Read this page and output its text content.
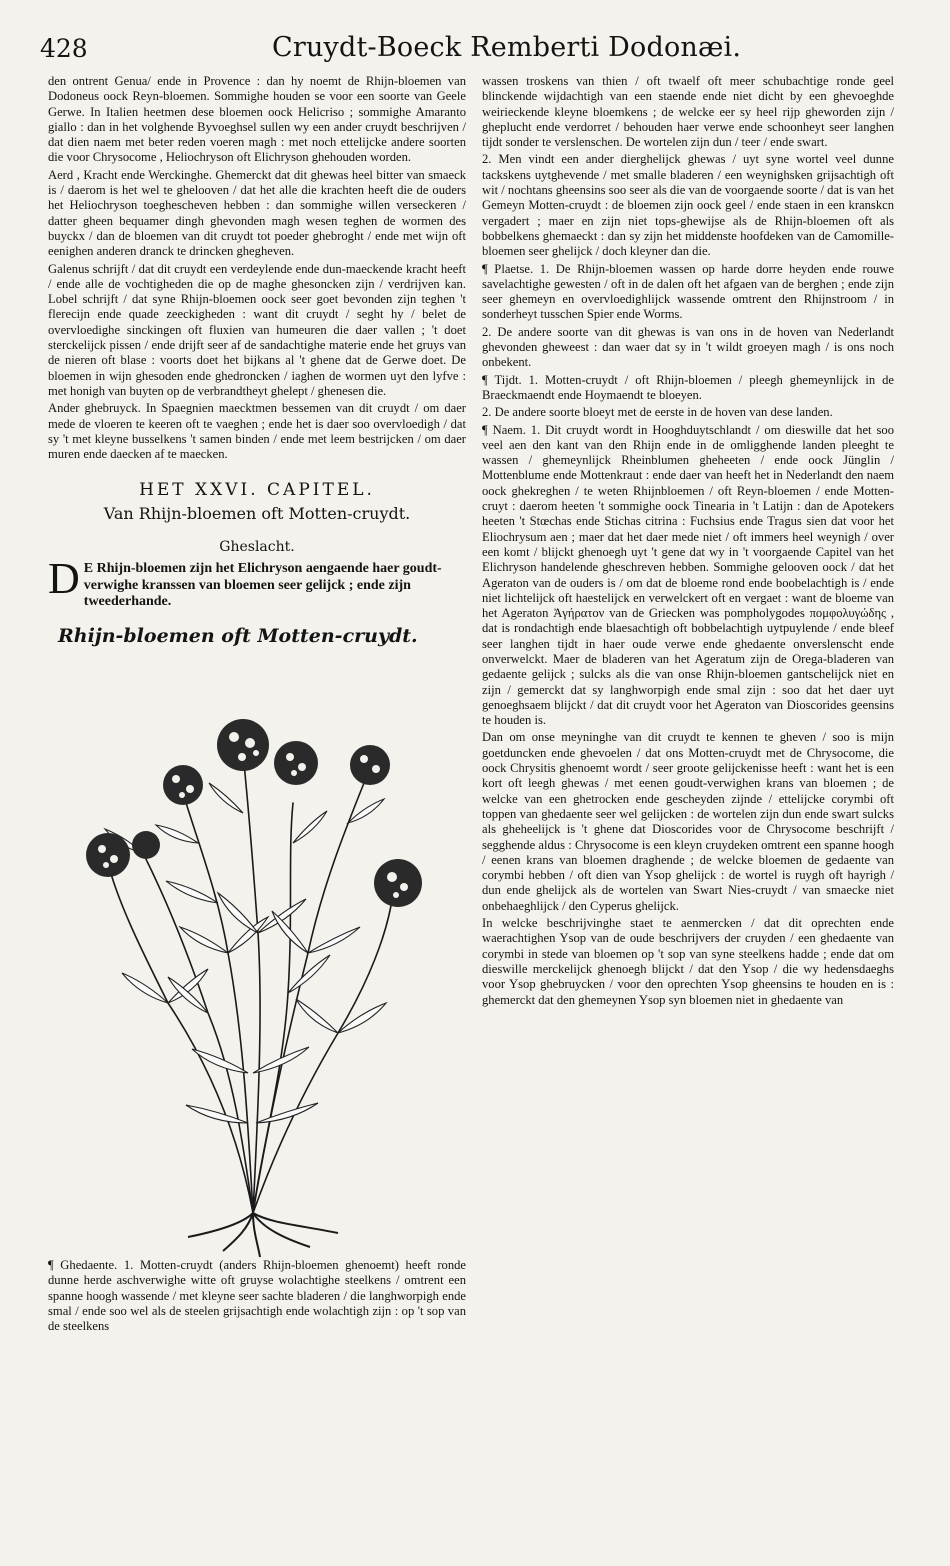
428	Cruydt-Boeck Remberti Dodonæi.

den ontrent Genua/ ende in Provence : dan hy noemt de Rhijn-bloemen van Dodoneus oock Reyn-bloemen. Sommighe houden se voor een soorte van Geele Gerwe. In Italien heetmen dese bloemen oock Helicriso ; sommighe Amaranto giallo : dan in het volghende Byvoeghsel sullen wy een ander cruydt beschrijven / dat dien naem met beter reden voeren magh : met noch ettelijcke andere soorten die voor Chrysocome , Heliochryson oft Elichryson ghehouden worden.

Aerd , Kracht ende Werckinghe. Ghemerckt dat dit ghewas heel bitter van smaeck is / daerom is het wel te ghelooven / dat het alle die krachten heeft die de ouders het Heliochryson toeghescheven hebben : dan sommighe willen verseckeren / datter gheen bequamer dingh ghevonden magh wesen teghen de wormen des buyckx / dan de bloemen van dit cruydt tot poeder ghebroght / ende met wijn oft eenighen anderen dranck te drincken ghegheven.

Galenus schrijft / dat dit cruydt een verdeylende ende dun-maeckende kracht heeft / ende alle de vochtigheden die op de maghe ghesoncken zijn / verdrijven kan. Lobel schrijft / dat syne Rhijn-bloemen oock seer goet bevonden zijn teghen 't flerecijn ende quade zeeckigheden : want dit cruydt / seght hy / belet de overvloedighe sinckingen oft fluxien van humeuren die daer vallen ; 't doet sterckelijck pissen / ende drijft seer af de sandachtighe materie ende het gruys van de nieren oft blase : voorts doet het bijkans al 't ghene dat de Gerwe doet. De bloemen in wijn ghesoden ende ghedroncken / iaghen de wormen uyt den lyfve : met honigh van buyten op de verbrandtheyt ghelept / ghenesen die.

Ander ghebruyck. In Spaegnien maecktmen bessemen van dit cruydt / om daer mede de vloeren te keeren oft te vaeghen ; ende het is daer soo overvloedigh / dat sy 't met kleyne busselkens 't samen binden / ende met leem bestrijcken / om daer muren ende daecken af te maecken.

HET XXVI. CAPITEL.
Van Rhijn-bloemen oft Motten-cruydt.
Gheslacht.

D E Rhijn-bloemen zijn het Elichryson aengaende haer goudt-verwighe kranssen van bloemen seer gelijck ; ende zijn tweederhande.

Rhijn-bloemen oft Motten-cruydt.

¶ Ghedaente. 1. Motten-cruydt (anders Rhijn-bloemen ghenoemt) heeft ronde dunne herde aschverwighe witte oft gruyse wolachtighe steelkens / omtrent een spanne hoogh wassende / met kleyne seer sachte bladeren / die langhworpigh ende smal / ende soo wel als de steelen grijsachtigh ende wolachtigh zijn : op 't sop van de steelkens

wassen troskens van thien / oft twaelf oft meer schubachtige ronde geel blinckende wijdachtigh van een staende ende niet dicht by een ghevoeghde weirieckende kleyne bloemkens ; de welcke eer sy heel rijp gheworden zijn / gheplucht ende verdorret / behouden haer verwe ende schoonheyt seer langhen tijdt sonder te verslenschen. De wortelen zijn dun / teer / ende swart.

2. Men vindt een ander dierghelijck ghewas / uyt syne wortel veel dunne tackskens uytghevende / met smalle bladeren / een weynighsken grijsachtigh oft wit / nochtans gheensins soo seer als die van de voorgaende soorte / dat is van het Gemeyn Motten-cruydt : de bloemen zijn oock geel / ende staen in een kranskcn vergadert ; maer en zijn niet tops-ghewijse als de Rhijn-bloemen oft als bobbelkens ghemaeckt : dan sy zijn het middenste hoofdeken van de Camomille-bloemen seer ghelijck / doch kleyner dan die.

¶ Plaetse. 1. De Rhijn-bloemen wassen op harde dorre heyden ende rouwe savelachtighe gewesten / oft in de dalen oft het afgaen van de berghen ; ende zijn seer ghemeyn en overvloedighlijck wassende omtrent den Rhijnstroom / in sonderheyt tusschen Spier ende Worms.

2. De andere soorte van dit ghewas is van ons in de hoven van Nederlandt ghevonden gheweest : dan waer dat sy in 't wildt groeyen magh / is ons noch onbekent.

¶ Tijdt. 1. Motten-cruydt / oft Rhijn-bloemen / pleegh ghemeynlijck in de Braeckmaendt ende Hoymaendt te bloeyen.

2. De andere soorte bloeyt met de eerste in de hoven van dese landen.

¶ Naem. 1. Dit cruydt wordt in Hooghduytschlandt / om dieswille dat het soo veel aen den kant van den Rhijn ende in de omligghende landen pleeght te wassen / ghemeynlijck Rheinblumen gheheeten / ende oock Jünglin / Mottenblume ende Mottenkraut : ende daer van heeft het in Nederlandt den naem oock ghekreghen / te weten Rhijnbloemen / oft Reyn-bloemen / ende Motten-cruyt : daerom heeten 't sommighe oock Tinearia in 't Latijn : dan de Apotekers heeten 't Stœchas ende Stichas citrina : Fuchsius ende Tragus sien dat voor het Eliochrysum aen ; maer dat het daer mede niet / oft immers heel weynigh / over een komt / blijckt ghenoegh uyt 't gene dat wy in 't voorgaende Capitel van het Elichryson handelende gheschreven hebben. Sommighe gelooven oock / dat het Ageraton van de ouders is / om dat de bloeme rond ende boobelachtigh is / ende niet lichtelijck oft haestelijck en verwelckert oft en vergaet : want de bloeme van het Ageraton Ἀγήρατον van de Griecken was pompholygodes πομφολυγώδης , dat is rondachtigh ende blaesachtigh oft bobbelachtigh uytpuylende / ende bleef seer langhen tijdt in haer oude verwe ende ghedaente onverslenscht ende onverwelckt. Maer de bladeren van het Ageratum zijn de Orega-bladeren van gedaente gelijck ; sulcks als die van onse Rhijn-bloemen gantschelijck niet en zijn / gemerckt dat sy langhworpigh ende smal zijn : soo dat het daer uyt genoeghsaem blijckt / dat dit cruydt voor het Ageraton van Dioscorides geensins te houden is.

Dan om onse meyninghe van dit cruydt te kennen te gheven / soo is mijn goetduncken ende ghevoelen / dat ons Motten-cruydt met de Chrysocome, die oock Chrysitis ghenoemt wordt / seer groote gelijckenisse heeft : want het is een kort oft leegh ghewas / met eenen goudt-verwighen krans van bloemen ; de welcke van een ghetrocken ende gescheyden zijnde / ettelijcke corymbi oft toppen van ghedaente seer wel gelijcken : de wortelen zijn dun ende swart sulcks als gheheelijck is 't ghene dat Dioscorides voor de Chrysocome beschrijft / segghende aldus : Chrysocome is een kleyn cruydeken omtrent een spanne hoogh / eenen krans van bloemen draghende ; de welcke bloemen de gedaente van corymbi hebben / oft dien van Ysop ghelijck : de wortel is ruygh oft hayrigh / dun ende ghelijck als de wortelen van Swart Nies-cruydt / van smaecke niet onbehaeghlijck / den Cyperus ghelijck.

In welcke beschrijvinghe staet te aenmercken / dat dit oprechten ende waerachtighen Ysop van de oude beschrijvers der cruyden / een ghedaente van corymbi in stede van bloemen op 't sop van syne steelkens hadde ; ende dat om dieswille merckelijck ghenoegh blijckt / dat den Ysop / die wy hedensdaeghs voor Ysop ghebruycken / voor den oprechten Ysop gheensins te houden en is : ghemerckt dat den ghemeynen Ysop syn bloemen niet in ghedaente van
